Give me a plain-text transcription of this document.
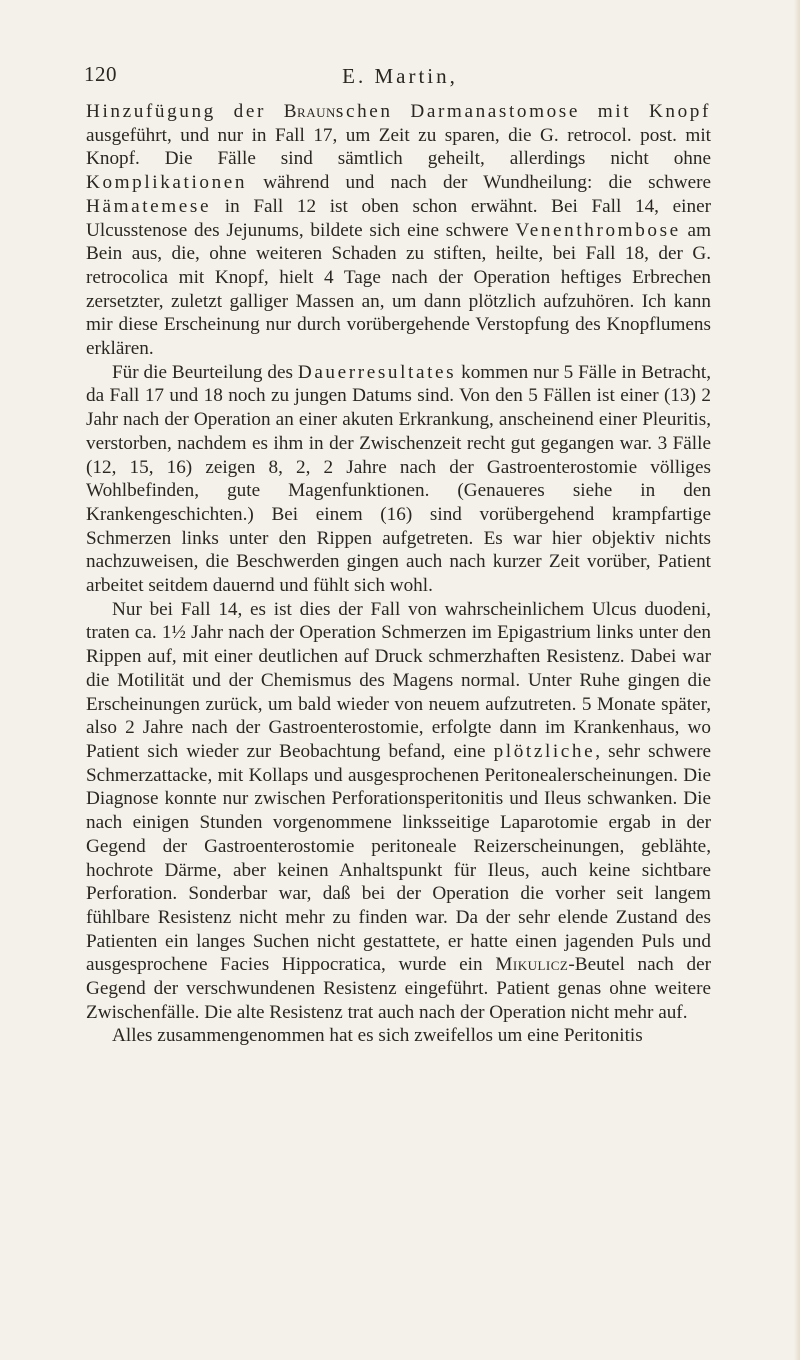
120	E. Martin,

Hinzufügung der Braunschen Darmanastomose mit Knopf ausgeführt, und nur in Fall 17, um Zeit zu sparen, die G. retrocol. post. mit Knopf. Die Fälle sind sämtlich geheilt, allerdings nicht ohne Komplikationen während und nach der Wundheilung: die schwere Hämatemese in Fall 12 ist oben schon erwähnt. Bei Fall 14, einer Ulcusstenose des Jejunums, bildete sich eine schwere Venenthrombose am Bein aus, die, ohne weiteren Schaden zu stiften, heilte, bei Fall 18, der G. retrocolica mit Knopf, hielt 4 Tage nach der Operation heftiges Erbrechen zersetzter, zuletzt galliger Massen an, um dann plötzlich aufzuhören. Ich kann mir diese Erscheinung nur durch vorübergehende Verstopfung des Knopflumens erklären.

Für die Beurteilung des Dauerresultates kommen nur 5 Fälle in Betracht, da Fall 17 und 18 noch zu jungen Datums sind. Von den 5 Fällen ist einer (13) 2 Jahr nach der Operation an einer akuten Erkrankung, anscheinend einer Pleuritis, verstorben, nachdem es ihm in der Zwischenzeit recht gut gegangen war. 3 Fälle (12, 15, 16) zeigen 8, 2, 2 Jahre nach der Gastroenterostomie völliges Wohlbefinden, gute Magenfunktionen. (Genaueres siehe in den Krankengeschichten.) Bei einem (16) sind vorübergehend krampfartige Schmerzen links unter den Rippen aufgetreten. Es war hier objektiv nichts nachzuweisen, die Beschwerden gingen auch nach kurzer Zeit vorüber, Patient arbeitet seitdem dauernd und fühlt sich wohl.

Nur bei Fall 14, es ist dies der Fall von wahrscheinlichem Ulcus duodeni, traten ca. 1½ Jahr nach der Operation Schmerzen im Epigastrium links unter den Rippen auf, mit einer deutlichen auf Druck schmerzhaften Resistenz. Dabei war die Motilität und der Chemismus des Magens normal. Unter Ruhe gingen die Erscheinungen zurück, um bald wieder von neuem aufzutreten. 5 Monate später, also 2 Jahre nach der Gastroenterostomie, erfolgte dann im Krankenhaus, wo Patient sich wieder zur Beobachtung befand, eine plötzliche, sehr schwere Schmerzattacke, mit Kollaps und ausgesprochenen Peritonealerscheinungen. Die Diagnose konnte nur zwischen Perforationsperitonitis und Ileus schwanken. Die nach einigen Stunden vorgenommene linksseitige Laparotomie ergab in der Gegend der Gastroenterostomie peritoneale Reizerscheinungen, geblähte, hochrote Därme, aber keinen Anhaltspunkt für Ileus, auch keine sichtbare Perforation. Sonderbar war, daß bei der Operation die vorher seit langem fühlbare Resistenz nicht mehr zu finden war. Da der sehr elende Zustand des Patienten ein langes Suchen nicht gestattete, er hatte einen jagenden Puls und ausgesprochene Facies Hippocratica, wurde ein Mikulicz-Beutel nach der Gegend der verschwundenen Resistenz eingeführt. Patient genas ohne weitere Zwischenfälle. Die alte Resistenz trat auch nach der Operation nicht mehr auf.

Alles zusammengenommen hat es sich zweifellos um eine Peritonitis
